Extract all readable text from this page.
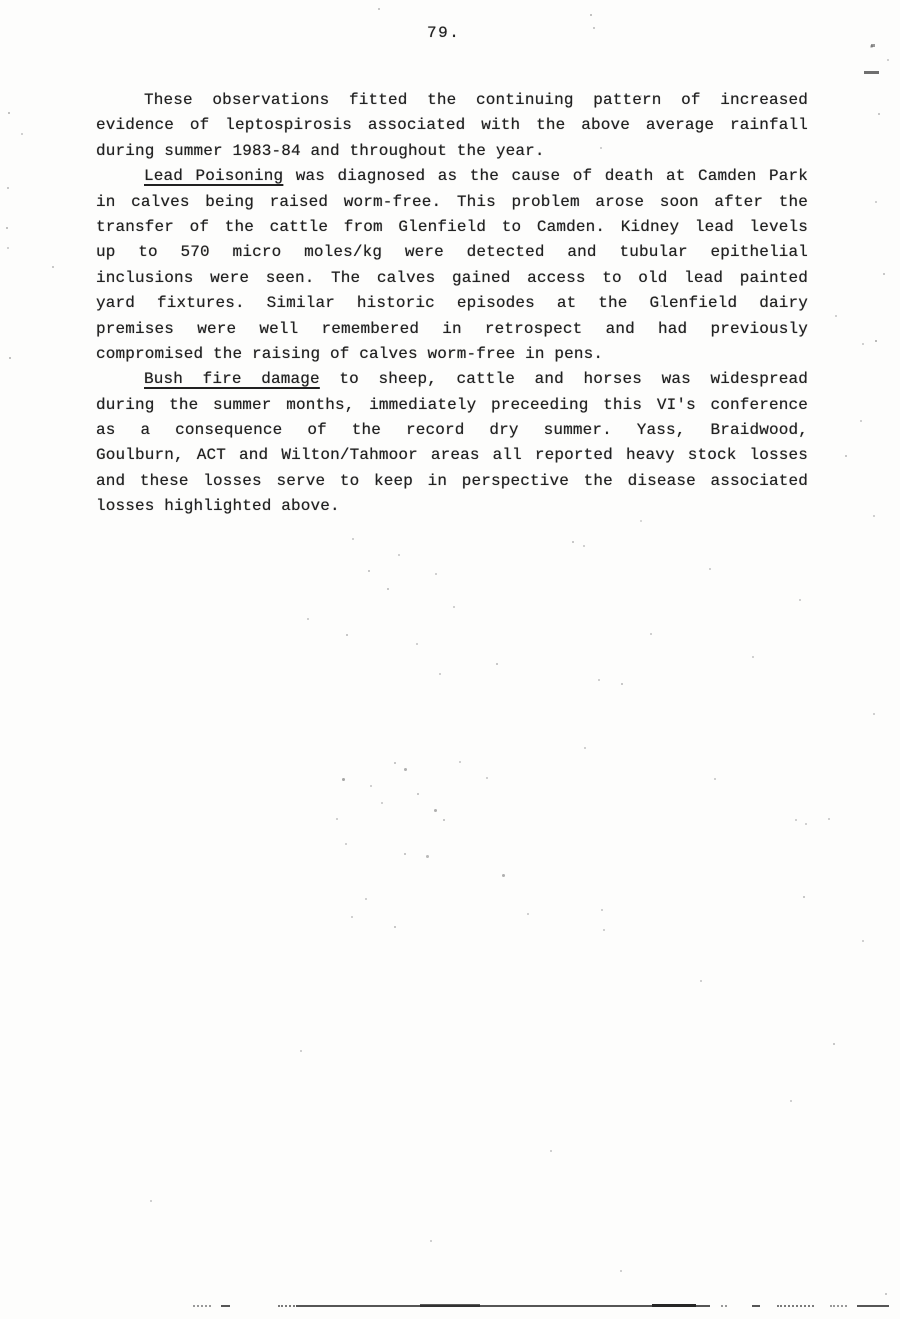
79.
These observations fitted the continuing pattern of increased
evidence of leptospirosis associated with the above average rainfall
during summer 1983-84 and throughout the year.
Lead Poisoning was diagnosed as the cause of death at Camden Park
in calves being raised worm-free. This problem arose soon after the
transfer of the cattle from Glenfield to Camden. Kidney lead levels
up to 570 micro moles/kg were detected and tubular epithelial
inclusions were seen. The calves gained access to old lead painted
yard fixtures. Similar historic episodes at the Glenfield dairy
premises were well remembered in retrospect and had previously
compromised the raising of calves worm-free in pens.
Bush fire damage to sheep, cattle and horses was widespread
during the summer months, immediately preceeding this VI's conference
as a consequence of the record dry summer. Yass, Braidwood,
Goulburn, ACT and Wilton/Tahmoor areas all reported heavy stock losses
and these losses serve to keep in perspective the disease associated
losses highlighted above.
